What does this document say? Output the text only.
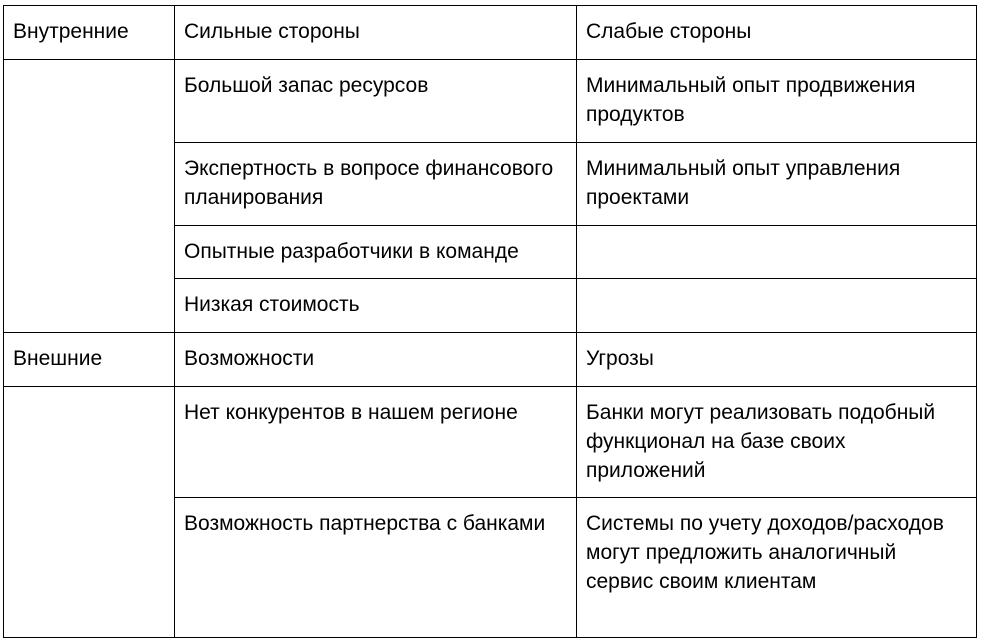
Внутренние	Сильные стороны	Слабые стороны
	Большой запас ресурсов	Минимальный опыт продвижения продуктов
	Экспертность в вопросе финансового планирования	Минимальный опыт управления проектами
	Опытные разработчики в команде	
	Низкая стоимость	
Внешние	Возможности	Угрозы
	Нет конкурентов в нашем регионе	Банки могут реализовать подобный функционал на базе своих приложений
	Возможность партнерства с банками	Системы по учету доходов/расходов могут предложить аналогичный сервис своим клиентам
